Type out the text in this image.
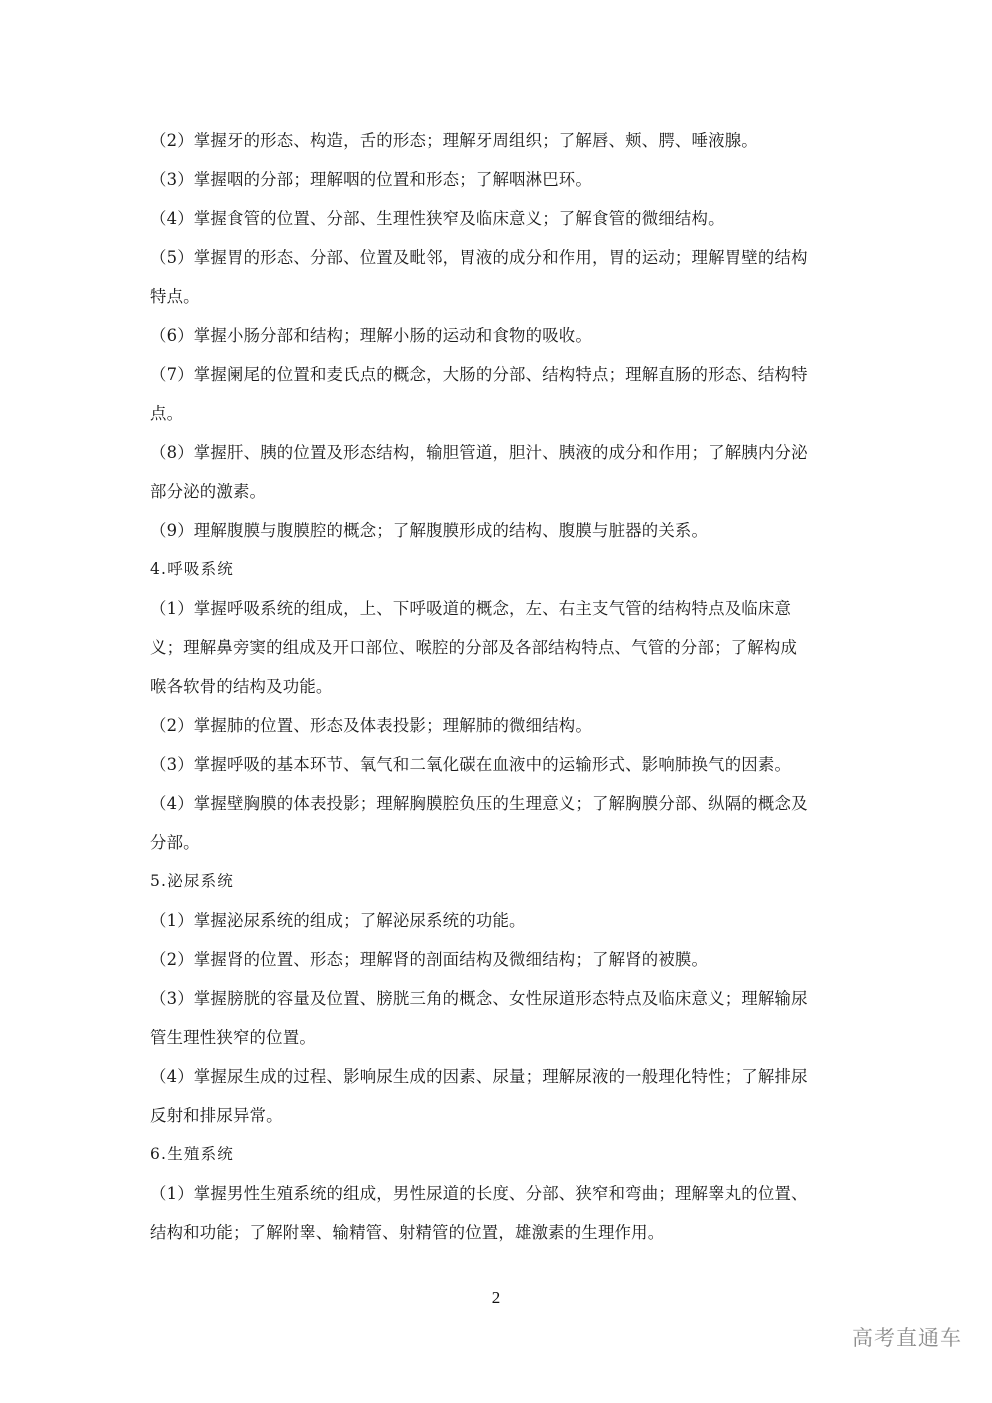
（2）掌握牙的形态、构造，舌的形态；理解牙周组织；了解唇、颊、腭、唾液腺。
（3）掌握咽的分部；理解咽的位置和形态；了解咽淋巴环。
（4）掌握食管的位置、分部、生理性狭窄及临床意义；了解食管的微细结构。
（5）掌握胃的形态、分部、位置及毗邻，胃液的成分和作用，胃的运动；理解胃壁的结构
特点。
（6）掌握小肠分部和结构；理解小肠的运动和食物的吸收。
（7）掌握阑尾的位置和麦氏点的概念，大肠的分部、结构特点；理解直肠的形态、结构特
点。
（8）掌握肝、胰的位置及形态结构，输胆管道，胆汁、胰液的成分和作用；了解胰内分泌
部分泌的激素。
（9）理解腹膜与腹膜腔的概念；了解腹膜形成的结构、腹膜与脏器的关系。
4.呼吸系统
（1）掌握呼吸系统的组成，上、下呼吸道的概念，左、右主支气管的结构特点及临床意
义；理解鼻旁窦的组成及开口部位、喉腔的分部及各部结构特点、气管的分部；了解构成
喉各软骨的结构及功能。
（2）掌握肺的位置、形态及体表投影；理解肺的微细结构。
（3）掌握呼吸的基本环节、氧气和二氧化碳在血液中的运输形式、影响肺换气的因素。
（4）掌握壁胸膜的体表投影；理解胸膜腔负压的生理意义；了解胸膜分部、纵隔的概念及
分部。
5.泌尿系统
（1）掌握泌尿系统的组成；了解泌尿系统的功能。
（2）掌握肾的位置、形态；理解肾的剖面结构及微细结构；了解肾的被膜。
（3）掌握膀胱的容量及位置、膀胱三角的概念、女性尿道形态特点及临床意义；理解输尿
管生理性狭窄的位置。
（4）掌握尿生成的过程、影响尿生成的因素、尿量；理解尿液的一般理化特性；了解排尿
反射和排尿异常。
6.生殖系统
（1）掌握男性生殖系统的组成，男性尿道的长度、分部、狭窄和弯曲；理解睾丸的位置、
结构和功能；了解附睾、输精管、射精管的位置，雄激素的生理作用。
2
高考直通车
